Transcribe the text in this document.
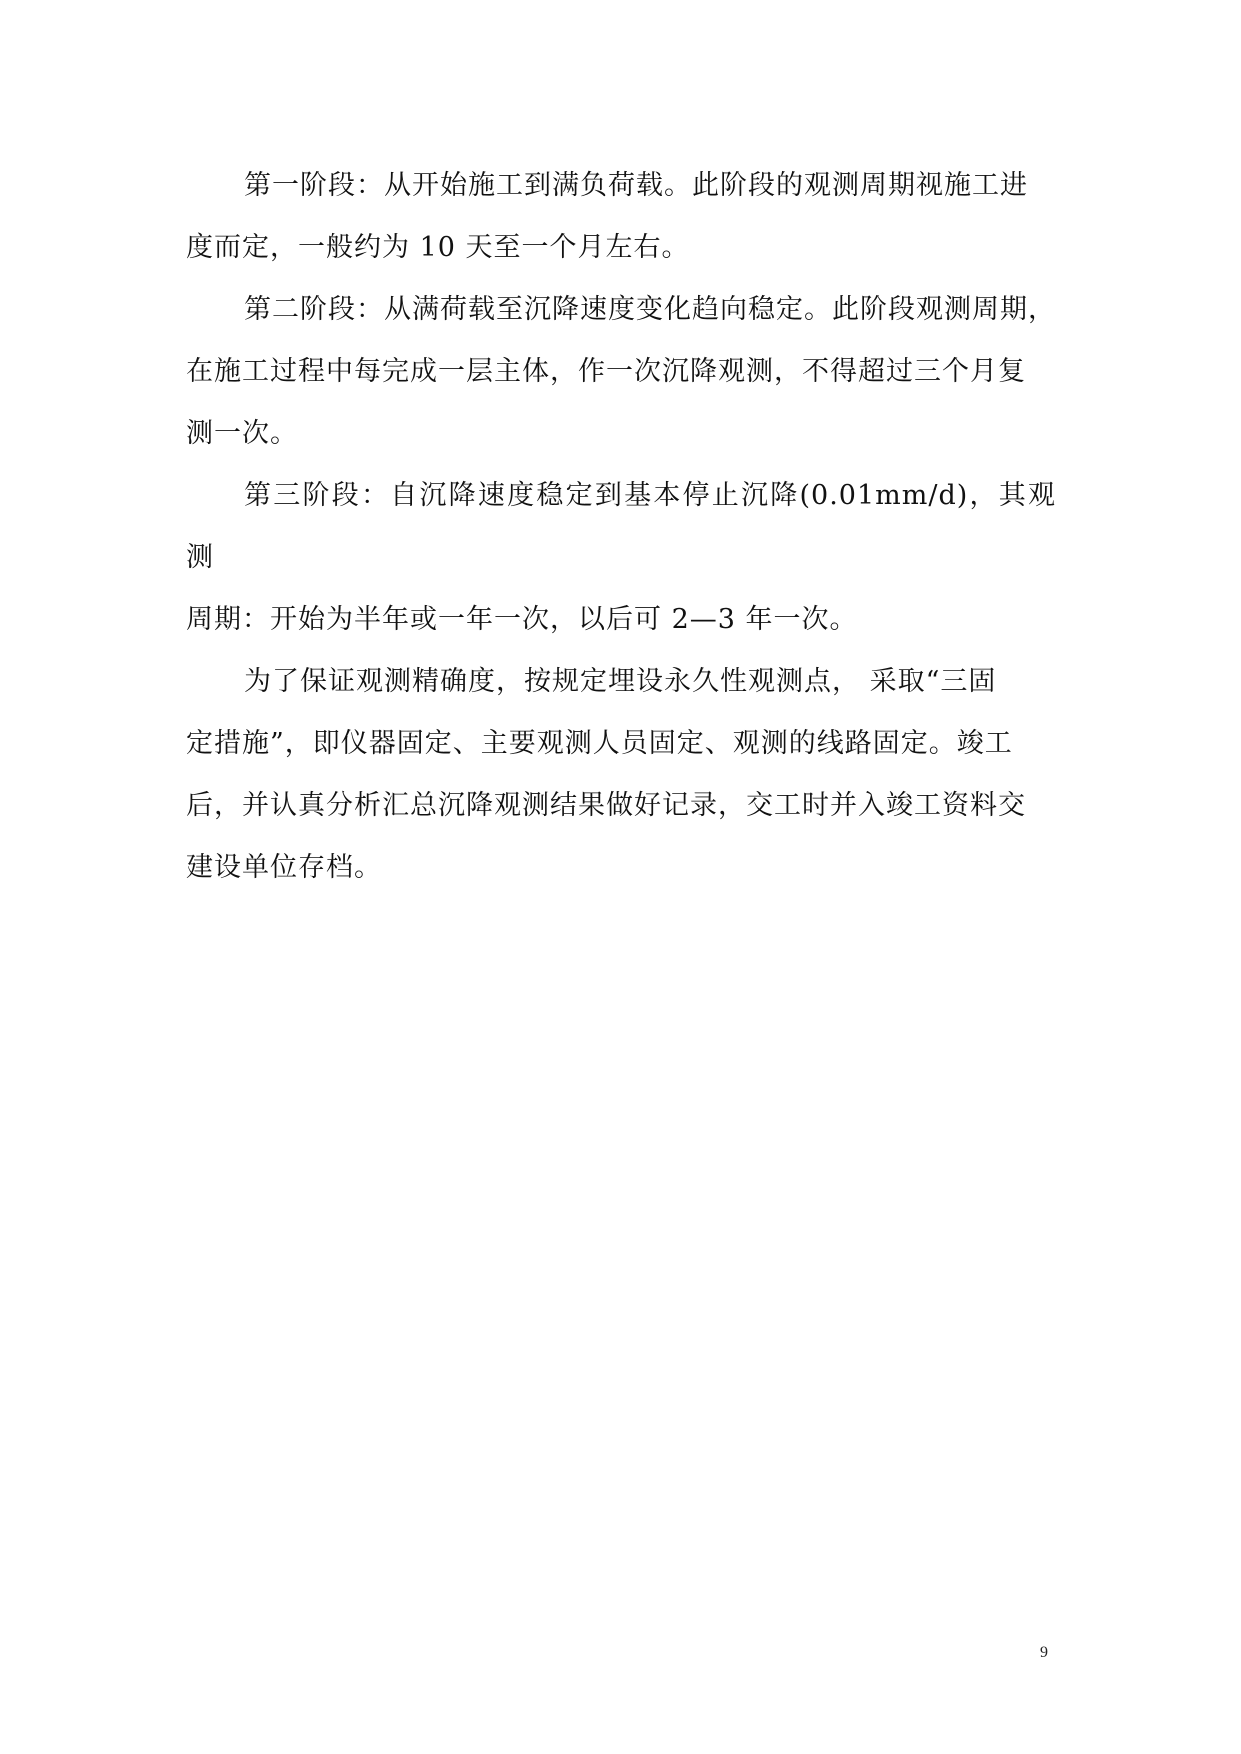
第一阶段：从开始施工到满负荷载。此阶段的观测周期视施工进
度而定，一般约为 10 天至一个月左右。

第二阶段：从满荷载至沉降速度变化趋向稳定。此阶段观测周期，
在施工过程中每完成一层主体，作一次沉降观测，不得超过三个月复
测一次。

第三阶段：自沉降速度稳定到基本停止沉降(0.01mm/d)，其观测
周期：开始为半年或一年一次，以后可 2—3 年一次。

为了保证观测精确度，按规定埋设永久性观测点， 采取“三固
定措施”，即仪器固定、主要观测人员固定、观测的线路固定。竣工
后，并认真分析汇总沉降观测结果做好记录，交工时并入竣工资料交
建设单位存档。

9
